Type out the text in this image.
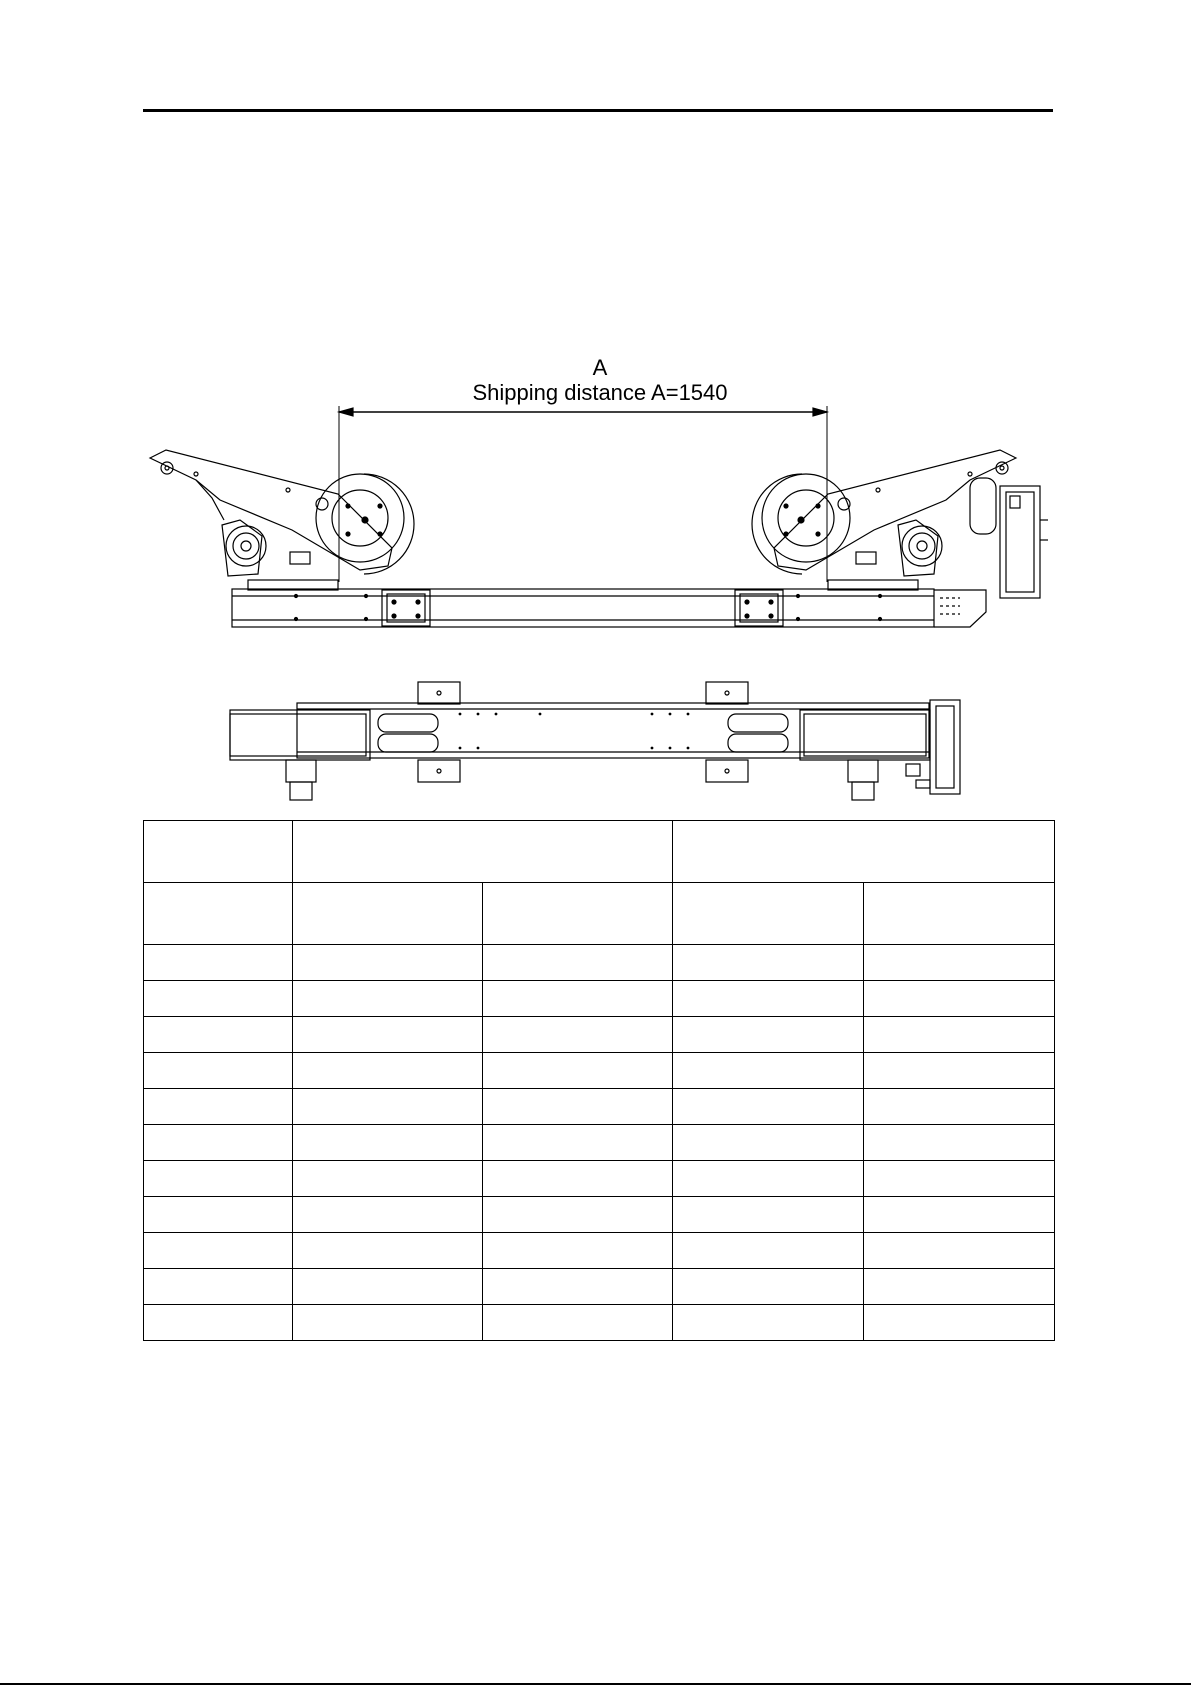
A
Shipping distance A=1540
